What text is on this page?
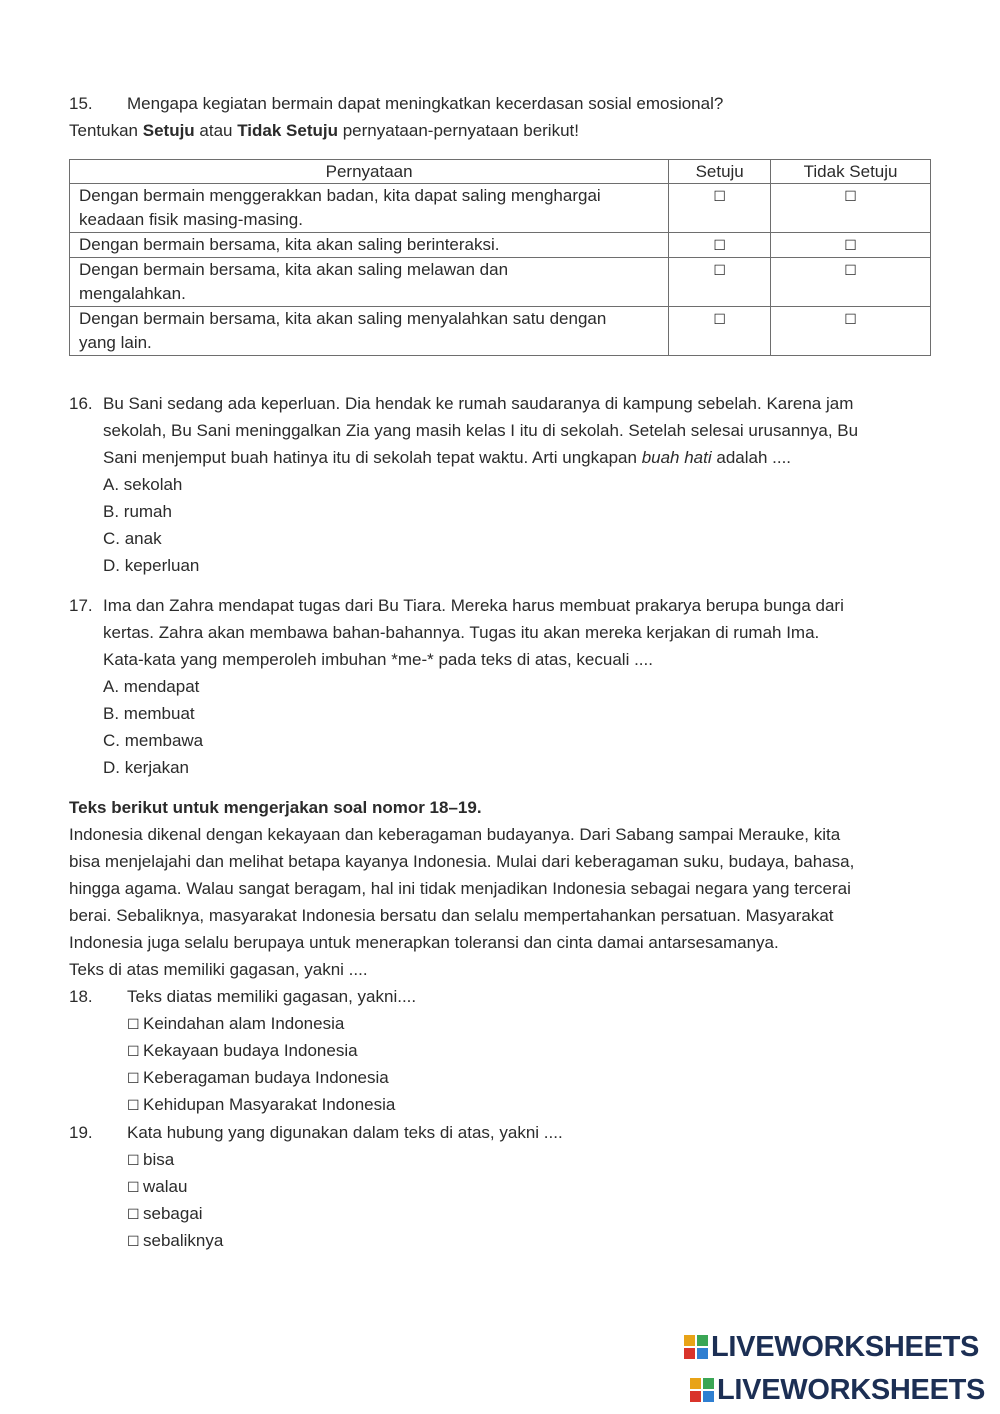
15. Mengapa kegiatan bermain dapat meningkatkan kecerdasan sosial emosional?
Tentukan Setuju atau Tidak Setuju pernyataan-pernyataan berikut!
Pernyataan	Setuju	Tidak Setuju

Dengan bermain menggerakkan badan, kita dapat saling menghargai
keadaan fisik masing-masing.	☐	☐

Dengan bermain bersama, kita akan saling berinteraksi.	☐	☐

Dengan bermain bersama, kita akan saling melawan dan
mengalahkan.	☐	☐

Dengan bermain bersama, kita akan saling menyalahkan satu dengan
yang lain.	☐	☐
16. Bu Sani sedang ada keperluan. Dia hendak ke rumah saudaranya di kampung sebelah. Karena jam
sekolah, Bu Sani meninggalkan Zia yang masih kelas I itu di sekolah. Setelah selesai urusannya, Bu
Sani menjemput buah hatinya itu di sekolah tepat waktu. Arti ungkapan buah hati adalah ....
A. sekolah
B. rumah
C. anak
D. keperluan
17. Ima dan Zahra mendapat tugas dari Bu Tiara. Mereka harus membuat prakarya berupa bunga dari
kertas. Zahra akan membawa bahan-bahannya. Tugas itu akan mereka kerjakan di rumah Ima.
Kata-kata yang memperoleh imbuhan *me-* pada teks di atas, kecuali ....
A. mendapat
B. membuat
C. membawa
D. kerjakan
Teks berikut untuk mengerjakan soal nomor 18–19.
Indonesia dikenal dengan kekayaan dan keberagaman budayanya. Dari Sabang sampai Merauke, kita
bisa menjelajahi dan melihat betapa kayanya Indonesia. Mulai dari keberagaman suku, budaya, bahasa,
hingga agama. Walau sangat beragam, hal ini tidak menjadikan Indonesia sebagai negara yang tercerai
berai. Sebaliknya, masyarakat Indonesia bersatu dan selalu mempertahankan persatuan. Masyarakat
Indonesia juga selalu berupaya untuk menerapkan toleransi dan cinta damai antarsesamanya.
Teks di atas memiliki gagasan, yakni ....
18. Teks diatas memiliki gagasan, yakni....
☐ Keindahan alam Indonesia
☐ Kekayaan budaya Indonesia
☐ Keberagaman budaya Indonesia
☐ Kehidupan Masyarakat Indonesia
19. Kata hubung yang digunakan dalam teks di atas, yakni ....
☐ bisa
☐ walau
☐ sebagai
☐ sebaliknya
LIVEWORKSHEETS
LIVEWORKSHEETS
